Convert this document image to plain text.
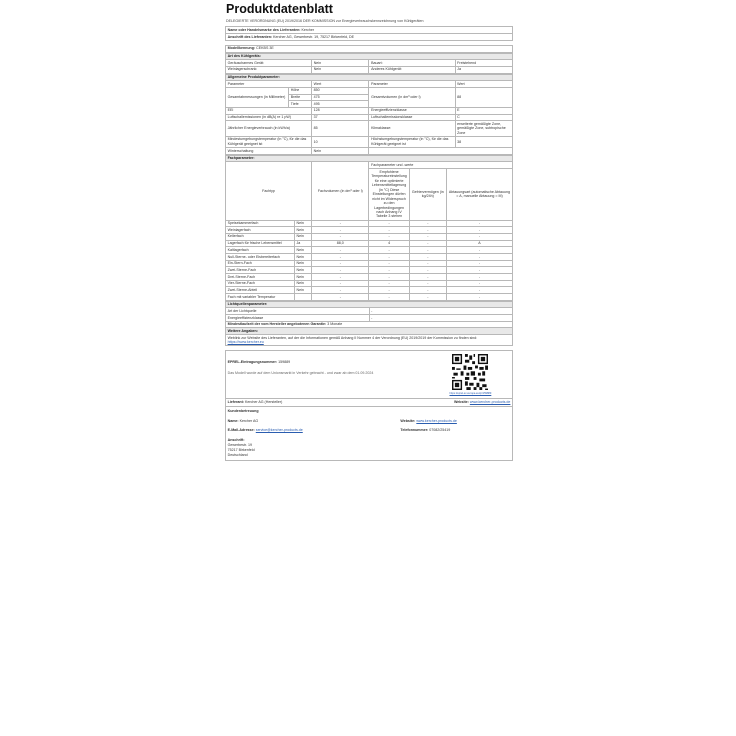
Produktdatenblatt
DELEGIERTE VERORDNUNG (EU) 2019/2016 DER KOMMISSION zur Energieverbrauchskennzeichnung von Kühlgeräten
Name oder Handelsmarke des Lieferanten: Kercher
Anschrift des Lieferanten: Kercher AG, Gewerbestr. 19, 75217 Birkenfeld, DE
Modellkennung: CEKBS 3E
Art des Kühlgeräts:			
Geräuscharmes Gerät:	Nein	Bauart:	Freistehend
Weinlagerschrank:	Nein	Anderes Kühlgerät:	Ja
Allgemeine Produktparameter:				
Parameter		Wert	Parameter	Wert
Gesamtabmessungen (in Millimeter)	Höhe	850	Gesamtvolumen (in dm³ oder l)	88
	Breite	475		
	Tiefe	495		
EEI		128	Energieeffizienzklasse	E
Luftschallemissionen (in dB(A) re 1 pW)		37	Luftschallemissionsklasse	C
Jährlicher Energieverbrauch (in kWh/a)		85	Klimaklasse:	erweiterte gemäßigte Zone, gemäßigte Zone, subtropische Zone
Mindestumgebungstemperatur (in °C), für die das Kühlgerät geeignet ist		10	Höchstumgebungstemperatur (in °C), für die das Kühlgerät geeignet ist	38
Winterschaltung		Nein		
Fachparameter:					
Fachtyp		Fachvolumen (in dm³ oder l)	Fachparameter und -werte		
			Empfohlene Temperatureinstellung für eine optimierte Lebensmittellagerung (in °C) Diese Einstellungen dürfen nicht im Widerspruch zu den Lagerbedingungen nach Anhang IV Tabelle 3 stehen	Gefriervermögen (in kg/24h)	Abtauungsart (automatische Abtauung = A, manuelle Abtauung = M)
Speisekammerfach	Nein	-	-	-	-
Weinlagerfach	Nein	-	-	-	-
Kellerfach	Nein	-	-	-	-
Lagerfach für frische Lebensmittel	Ja	88,0	4	-	A
Kaltlagerfach	Nein	-	-	-	-
Null-Sterne- oder Eisbereiterfach	Nein	-	-	-	-
Ein-Stern-Fach	Nein	-	-	-	-
Zwei-Sterne-Fach	Nein	-	-	-	-
Drei-Sterne-Fach	Nein	-	-	-	-
Vier-Sterne-Fach	Nein	-	-	-	-
Zwei-Sterne-Abteil	Nein	-	-	-	-
Fach mit variabler Temperatur		-	-	-	-
Lichtquellenparameter:	
Art der Lichtquelle	-
Energieeffizienzklasse	-
Mindestlaufzeit der vom Hersteller angebotenen Garantie: 3 Monate	
Weitere Angaben:	
Weblink zur Website des Lieferanten, auf der die Informationen gemäß Anhang II Nummer 4 der Verordnung (EU) 2019/2019 der Kommission zu finden sind: https://www.kercher.eu	
EPREL-Eintragungsnummer: 159889
Das Modell wurde auf dem Unionsmarkt in Verkehr gebracht - und zwar ab dem 01.09.2024
https://eprel.ec.europa.eu/qr/159889
Lieferant: Kercher AG (Hersteller)	Website: www.kercher-products.de
Kundenbetreuung
Name: Kercher AG	Website: www.kercher-products.de
E-Mail-Adresse: service@kercher-products.de	Telefonnummer: 07082/25419
Anschrift:
Gewerbestr. 19
75217 Birkenfeld
Deutschland
